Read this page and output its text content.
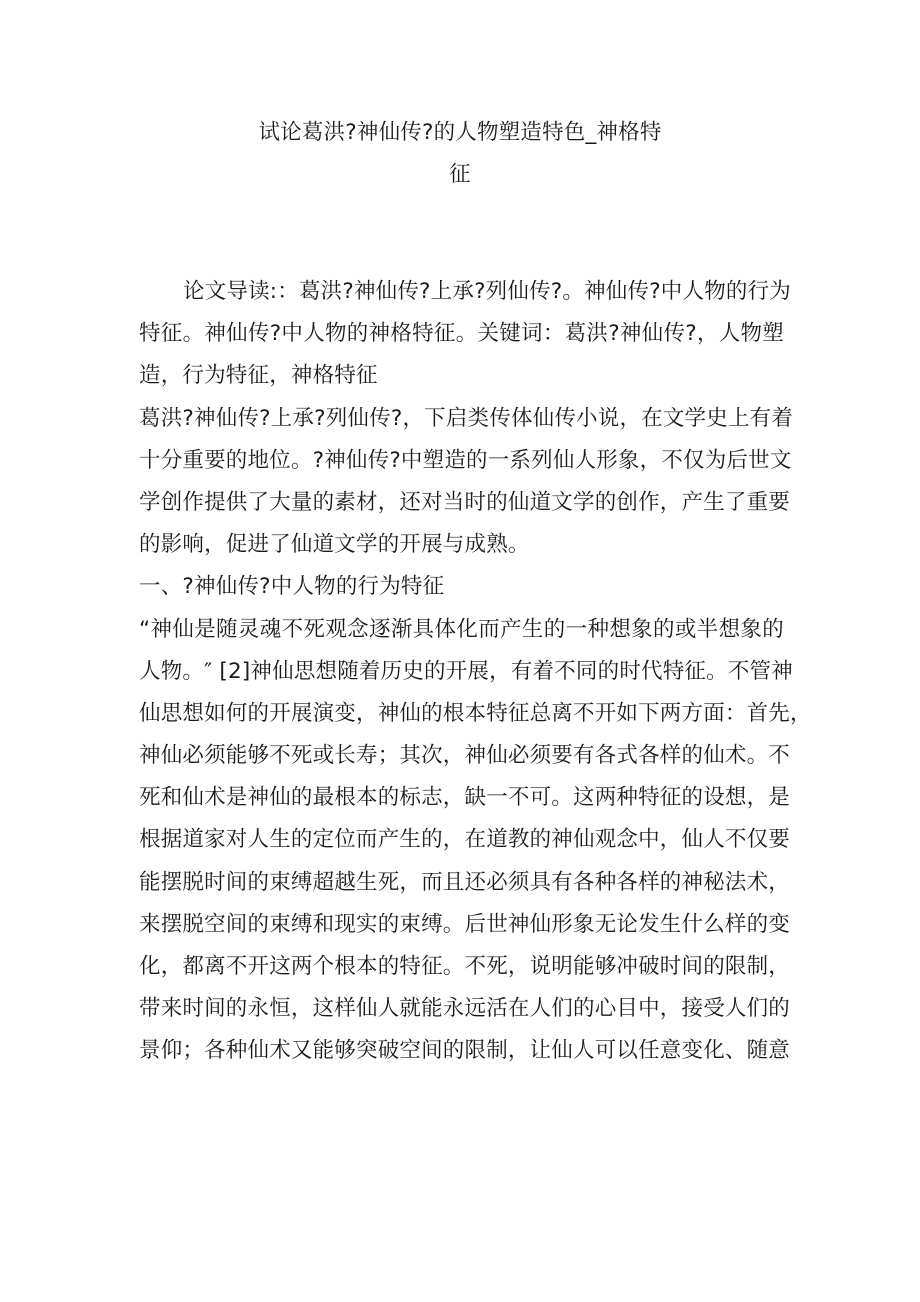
试论葛洪?神仙传?的人物塑造特色_神格特
征
论文导读:：葛洪?神仙传?上承?列仙传?。神仙传?中人物的行为
特征。神仙传?中人物的神格特征。关键词：葛洪?神仙传?，人物塑
造，行为特征，神格特征
葛洪?神仙传?上承?列仙传?，下启类传体仙传小说，在文学史上有着
十分重要的地位。?神仙传?中塑造的一系列仙人形象，不仅为后世文
学创作提供了大量的素材，还对当时的仙道文学的创作，产生了重要
的影响，促进了仙道文学的开展与成熟。
一、?神仙传?中人物的行为特征
“神仙是随灵魂不死观念逐渐具体化而产生的一种想象的或半想象的
人物。″ [2]神仙思想随着历史的开展，有着不同的时代特征。不管神
仙思想如何的开展演变，神仙的根本特征总离不开如下两方面：首先，
神仙必须能够不死或长寿；其次，神仙必须要有各式各样的仙术。不
死和仙术是神仙的最根本的标志，缺一不可。这两种特征的设想，是
根据道家对人生的定位而产生的，在道教的神仙观念中，仙人不仅要
能摆脱时间的束缚超越生死，而且还必须具有各种各样的神秘法术，
来摆脱空间的束缚和现实的束缚。后世神仙形象无论发生什么样的变
化，都离不开这两个根本的特征。不死，说明能够冲破时间的限制，
带来时间的永恒，这样仙人就能永远活在人们的心目中，接受人们的
景仰；各种仙术又能够突破空间的限制，让仙人可以任意变化、随意
